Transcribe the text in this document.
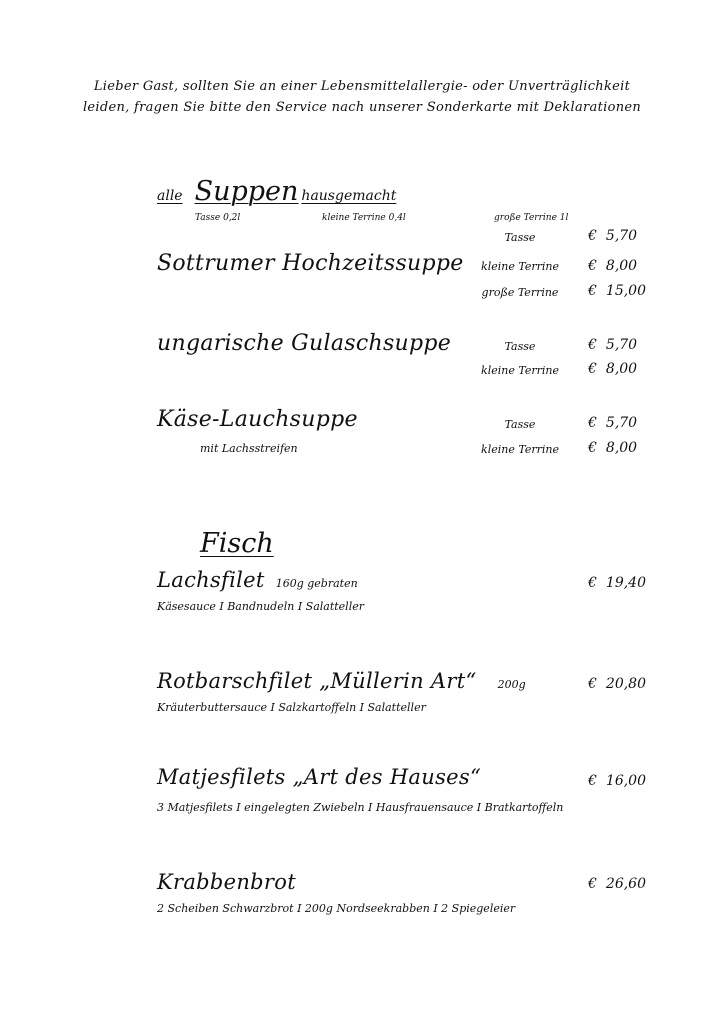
Lieber Gast, sollten Sie an einer Lebensmittelallergie- oder Unverträglichkeit
leiden, fragen Sie bitte den Service nach unserer Sonderkarte mit Deklarationen
alle Suppen hausgemacht
Tasse 0,2l	kleine Terrine 0,4l	große Terrine 1l
Sottrumer Hochzeitssuppe
Tasse	€ 5,70
kleine Terrine	€ 8,00
große Terrine	€ 15,00
ungarische Gulaschsuppe	Tasse	€ 5,70
kleine Terrine	€ 8,00
Käse-Lauchsuppe
mit Lachsstreifen
Tasse	€ 5,70
kleine Terrine	€ 8,00
Fisch
Lachsfilet 160g gebraten	€ 19,40
Käsesauce I Bandnudeln I Salatteller
Rotbarschfilet „Müllerin Art“ 200g	€ 20,80
Kräuterbuttersauce I Salzkartoffeln I Salatteller
Matjesfilets „Art des Hauses“	€ 16,00
3 Matjesfilets I eingelegten Zwiebeln I Hausfrauensauce I Bratkartoffeln
Krabbenbrot	€ 26,60
2 Scheiben Schwarzbrot I 200g Nordseekrabben I 2 Spiegeleier
